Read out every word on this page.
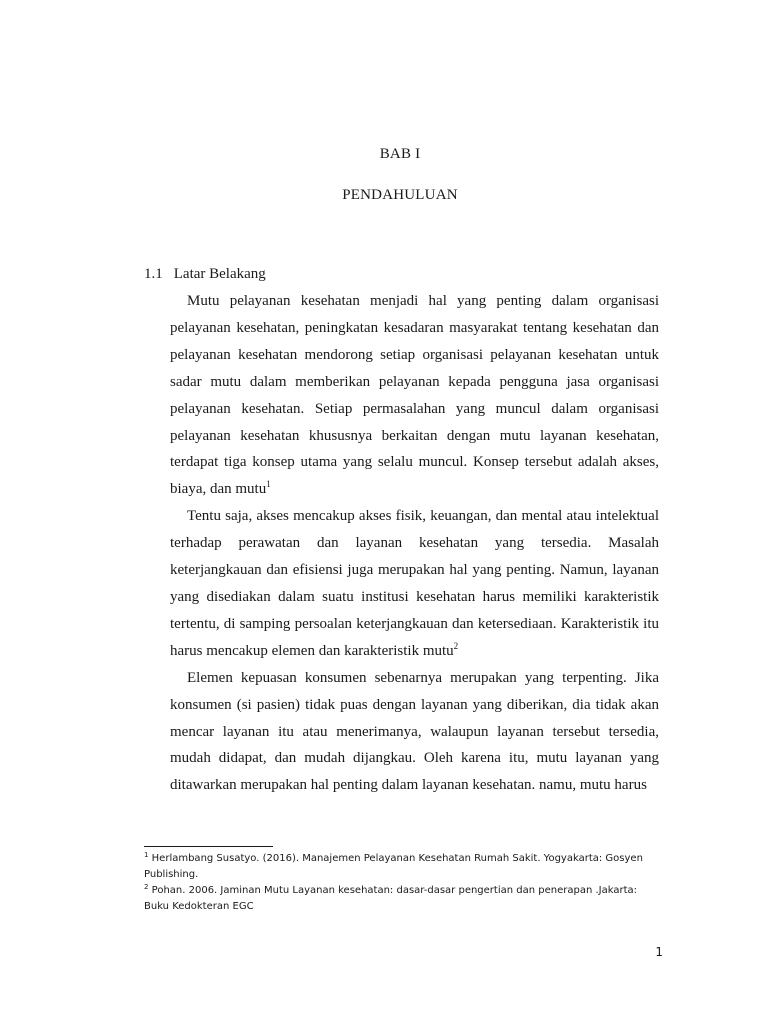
BAB I
PENDAHULUAN
1.1 Latar Belakang

Mutu pelayanan kesehatan menjadi hal yang penting dalam organisasi pelayanan kesehatan, peningkatan kesadaran masyarakat tentang kesehatan dan pelayanan kesehatan mendorong setiap organisasi pelayanan kesehatan untuk sadar mutu dalam memberikan pelayanan kepada pengguna jasa organisasi pelayanan kesehatan. Setiap permasalahan yang muncul dalam organisasi pelayanan kesehatan khususnya berkaitan dengan mutu layanan kesehatan, terdapat tiga konsep utama yang selalu muncul. Konsep tersebut adalah akses, biaya, dan mutu$^1$

Tentu saja, akses mencakup akses fisik, keuangan, dan mental atau intelektual terhadap perawatan dan layanan kesehatan yang tersedia. Masalah keterjangkauan dan efisiensi juga merupakan hal yang penting. Namun, layanan yang disediakan dalam suatu institusi kesehatan harus memiliki karakteristik tertentu, di samping persoalan keterjangkauan dan ketersediaan. Karakteristik itu harus mencakup elemen dan karakteristik mutu$^2$

Elemen kepuasan konsumen sebenarnya merupakan yang terpenting. Jika konsumen (si pasien) tidak puas dengan layanan yang diberikan, dia tidak akan mencar layanan itu atau menerimanya, walaupun layanan tersebut tersedia, mudah didapat, dan mudah dijangkau. Oleh karena itu, mutu layanan yang ditawarkan merupakan hal penting dalam layanan kesehatan. namu, mutu harus

$^1$ Herlambang Susatyo. (2016). Manajemen Pelayanan Kesehatan Rumah Sakit. Yogyakarta: Gosyen Publishing.

$^2$ Pohan. 2006. Jaminan Mutu Layanan kesehatan: dasar-dasar pengertian dan penerapan .Jakarta: Buku Kedokteran EGC

1
